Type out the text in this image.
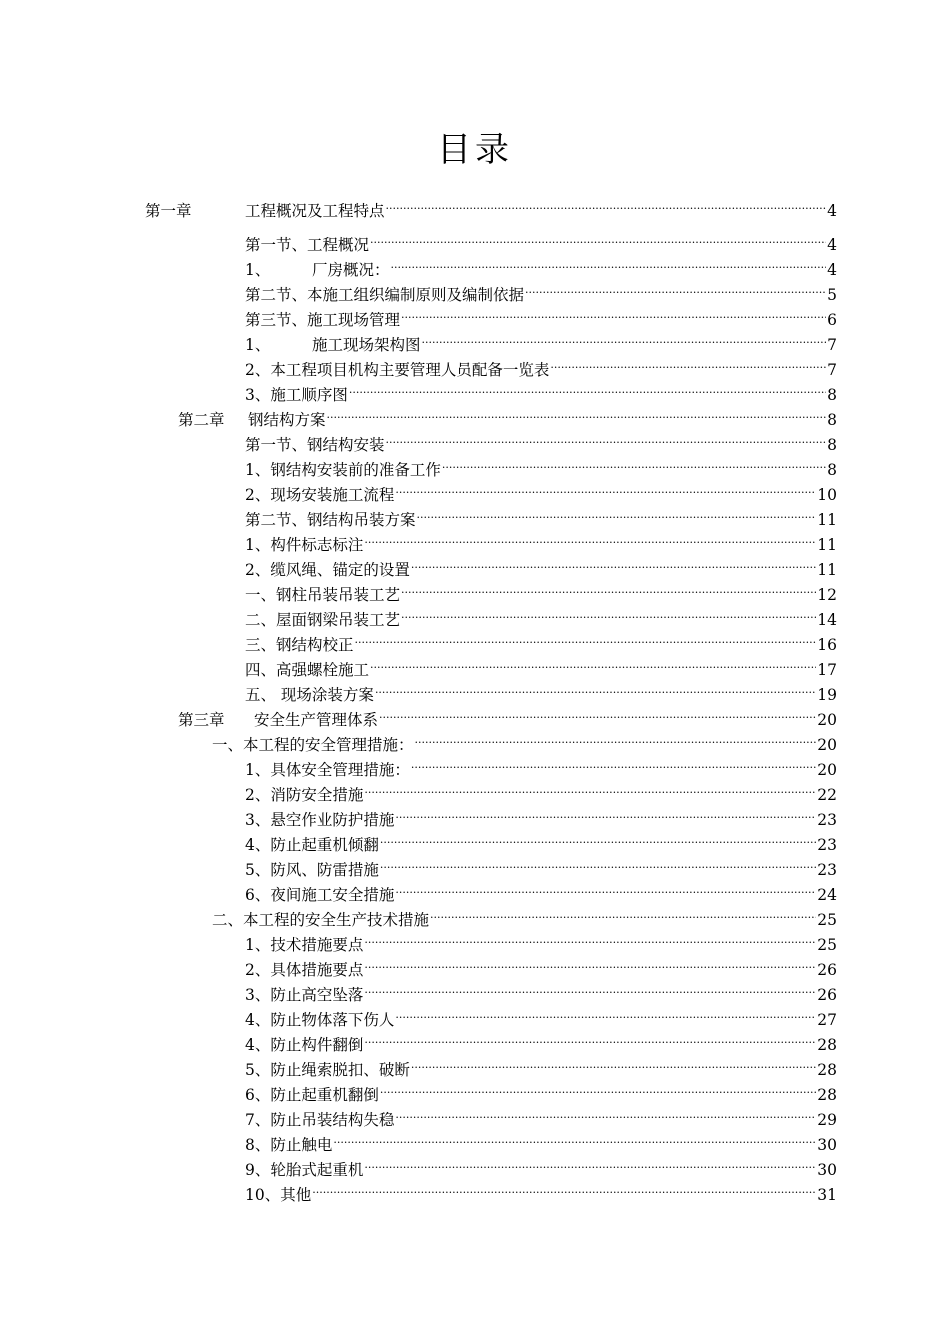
目录
第一章	工程概况及工程特点 .....	4
第一节、工程概况 .....	4
1、	厂房概况： .....	4
第二节、本施工组织编制原则及编制依据 .....	5
第三节、施工现场管理 .....	6
1、	施工现场架构图 .....	7
2、本工程项目机构主要管理人员配备一览表 .....	7
3、施工顺序图 .....	8
第二章 钢结构方案 .....	8
第一节、钢结构安装 .....	8
1、钢结构安装前的准备工作 .....	8
2、现场安装施工流程 .....	10
第二节、钢结构吊装方案 .....	11
1、构件标志标注 .....	11
2、缆风绳、锚定的设置 .....	11
一、钢柱吊装吊装工艺 .....	12
二、屋面钢梁吊装工艺 .....	14
三、钢结构校正 .....	16
四、高强螺栓施工 .....	17
五、 现场涂装方案 .....	19
第三章 安全生产管理体系 .....	20
一、本工程的安全管理措施： .....	20
1、具体安全管理措施： .....	20
2、消防安全措施 .....	22
3、悬空作业防护措施 .....	23
4、防止起重机倾翻 .....	23
5、防风、防雷措施 .....	23
6、夜间施工安全措施 .....	24
二、本工程的安全生产技术措施 .....	25
1、技术措施要点 .....	25
2、具体措施要点 .....	26
3、防止高空坠落 .....	26
4、防止物体落下伤人 .....	27
4、防止构件翻倒 .....	28
5、防止绳索脱扣、破断 .....	28
6、防止起重机翻倒 .....	28
7、防止吊装结构失稳 .....	29
8、防止触电 .....	30
9、轮胎式起重机 .....	30
10、其他 .....	31
